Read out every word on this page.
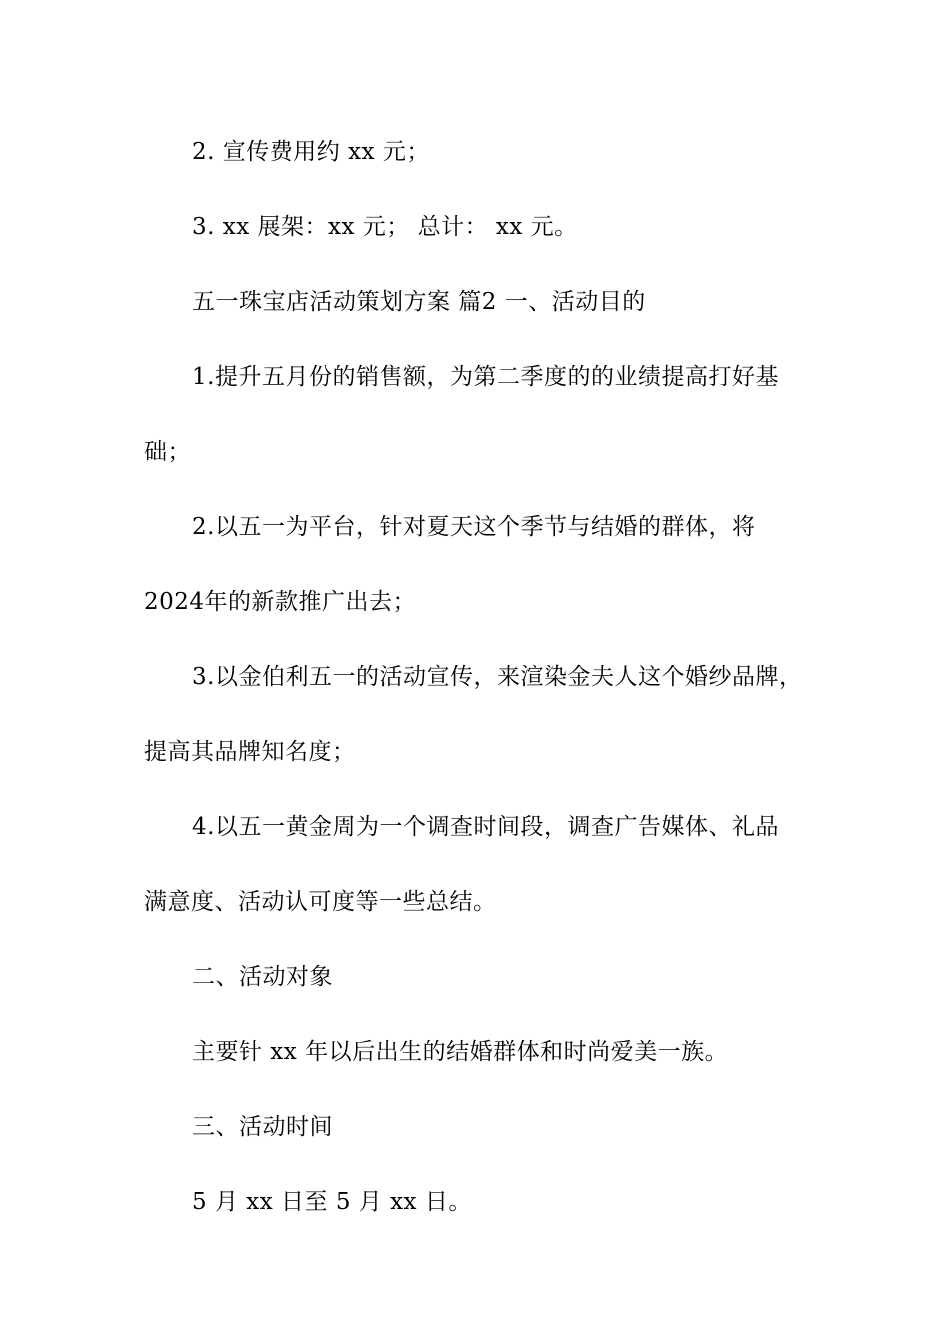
2. 宣传费用约 xx 元；
3. xx 展架：xx 元； 总计： xx 元。
五一珠宝店活动策划方案 篇2 一、活动目的
1.提升五月份的销售额，为第二季度的的业绩提高打好基
础；
2.以五一为平台，针对夏天这个季节与结婚的群体，将
2024年的新款推广出去；
3.以金伯利五一的活动宣传，来渲染金夫人这个婚纱品牌，
提高其品牌知名度；
4.以五一黄金周为一个调查时间段，调查广告媒体、礼品
满意度、活动认可度等一些总结。
二、活动对象
主要针 xx 年以后出生的结婚群体和时尚爱美一族。
三、活动时间
5 月 xx 日至 5 月 xx 日。
